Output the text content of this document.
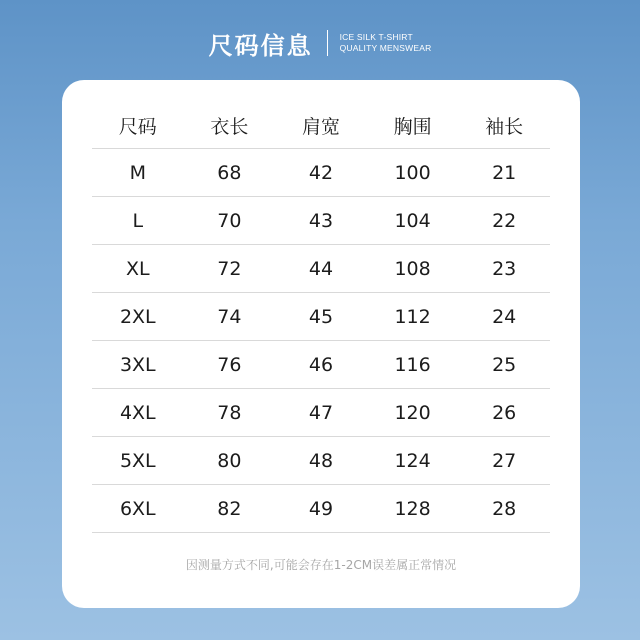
尺码信息	ICE SILK T-SHIRT
QUALITY MENSWEAR
尺码	衣长	肩宽	胸围	袖长
M	68	42	100	21
L	70	43	104	22
XL	72	44	108	23
2XL	74	45	112	24
3XL	76	46	116	25
4XL	78	47	120	26
5XL	80	48	124	27
6XL	82	49	128	28
因测量方式不同,可能会存在1-2CM误差属正常情况
